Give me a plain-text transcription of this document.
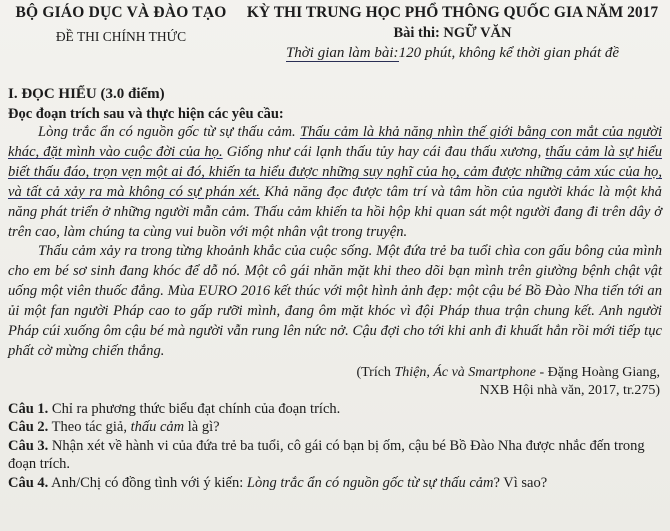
BỘ GIÁO DỤC VÀ ĐÀO TẠO
ĐỀ THI CHÍNH THỨC
KỲ THI TRUNG HỌC PHỔ THÔNG QUỐC GIA NĂM 2017
Bài thi: NGỮ VĂN
Thời gian làm bài:120 phút, không kể thời gian phát đề
I. ĐỌC HIỂU (3.0 điểm)
Đọc đoạn trích sau và thực hiện các yêu cầu:

Lòng trắc ẩn có nguồn gốc từ sự thấu cảm. Thấu cảm là khả năng nhìn thế giới bằng con mắt của người khác, đặt mình vào cuộc đời của họ. Giống như cái lạnh thấu tủy hay cái đau thấu xương, thấu cảm là sự hiểu biết thấu đáo, trọn vẹn một ai đó, khiến ta hiểu được những suy nghĩ của họ, cảm được những cảm xúc của họ, và tất cả xảy ra mà không có sự phán xét. Khả năng đọc được tâm trí và tâm hồn của người khác là một khả năng phát triển ở những người mẫn cảm. Thấu cảm khiến ta hồi hộp khi quan sát một người đang đi trên dây ở trên cao, làm chúng ta cùng vui buồn với một nhân vật trong truyện.

Thấu cảm xảy ra trong từng khoảnh khắc của cuộc sống. Một đứa trẻ ba tuổi chìa con gấu bông của mình cho em bé sơ sinh đang khóc để dỗ nó. Một cô gái nhăn mặt khi theo dõi bạn mình trên giường bệnh chật vật uống một viên thuốc đắng. Mùa EURO 2016 kết thúc với một hình ảnh đẹp: một cậu bé Bồ Đào Nha tiến tới an ủi một fan người Pháp cao to gấp rưỡi mình, đang ôm mặt khóc vì đội Pháp thua trận chung kết. Anh người Pháp cúi xuống ôm cậu bé mà người vẫn rung lên nức nở. Cậu đợi cho tới khi anh đi khuất hẳn rồi mới tiếp tục phất cờ mừng chiến thắng.

(Trích Thiện, Ác và Smartphone - Đặng Hoàng Giang,
NXB Hội nhà văn, 2017, tr.275)

Câu 1. Chỉ ra phương thức biểu đạt chính của đoạn trích.

Câu 2. Theo tác giả, thấu cảm là gì?

Câu 3. Nhận xét về hành vi của đứa trẻ ba tuổi, cô gái có bạn bị ốm, cậu bé Bồ Đào Nha được nhắc đến trong đoạn trích.

Câu 4. Anh/Chị có đồng tình với ý kiến: Lòng trắc ẩn có nguồn gốc từ sự thấu cảm? Vì sao?
